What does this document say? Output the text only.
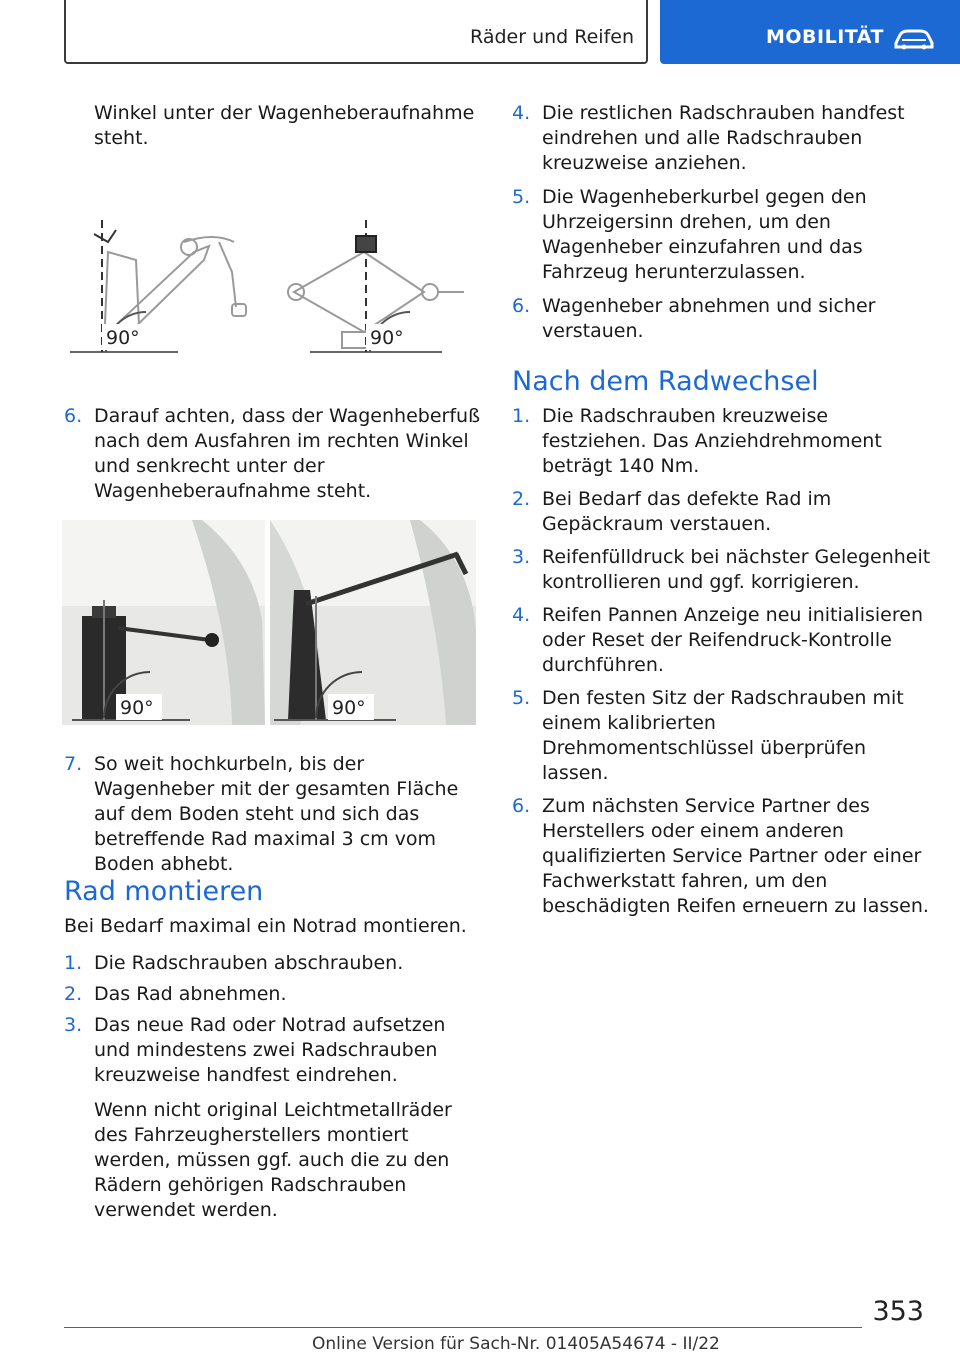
Räder und Reifen	MOBILITÄT

Winkel unter der Wagenheberaufnahme steht.

90°	90°
6. Darauf achten, dass der Wagenheberfuß nach dem Ausfahren im rechten Winkel und senkrecht unter der Wagenheberaufnahme steht.

90°	90°
7. So weit hochkurbeln, bis der Wagenheber mit der gesamten Fläche auf dem Boden steht und sich das betreffende Rad maximal 3 cm vom Boden abhebt.

Rad montieren

Bei Bedarf maximal ein Notrad montieren.

1. Die Radschrauben abschrauben.

2. Das Rad abnehmen.

3. Das neue Rad oder Notrad aufsetzen und mindestens zwei Radschrauben kreuzweise handfest eindrehen.

Wenn nicht original Leichtmetallräder des Fahrzeugherstellers montiert werden, müssen ggf. auch die zu den Rädern gehörigen Radschrauben verwendet werden.

4. Die restlichen Radschrauben handfest eindrehen und alle Radschrauben kreuzweise anziehen.

5. Die Wagenheberkurbel gegen den Uhrzeigersinn drehen, um den Wagenheber einzufahren und das Fahrzeug herunterzulassen.

6. Wagenheber abnehmen und sicher verstauen.

Nach dem Radwechsel
1. Die Radschrauben kreuzweise festziehen. Das Anziehdrehmoment beträgt 140 Nm.

2. Bei Bedarf das defekte Rad im Gepäckraum verstauen.

3. Reifenfülldruck bei nächster Gelegenheit kontrollieren und ggf. korrigieren.

4. Reifen Pannen Anzeige neu initialisieren oder Reset der Reifendruck-Kontrolle durchführen.

5. Den festen Sitz der Radschrauben mit einem kalibrierten Drehmomentschlüssel überprüfen lassen.

6. Zum nächsten Service Partner des Herstellers oder einem anderen qualifizierten Service Partner oder einer Fachwerkstatt fahren, um den beschädigten Reifen erneuern zu lassen.

353
Online Version für Sach-Nr. 01405A54674 - II/22
